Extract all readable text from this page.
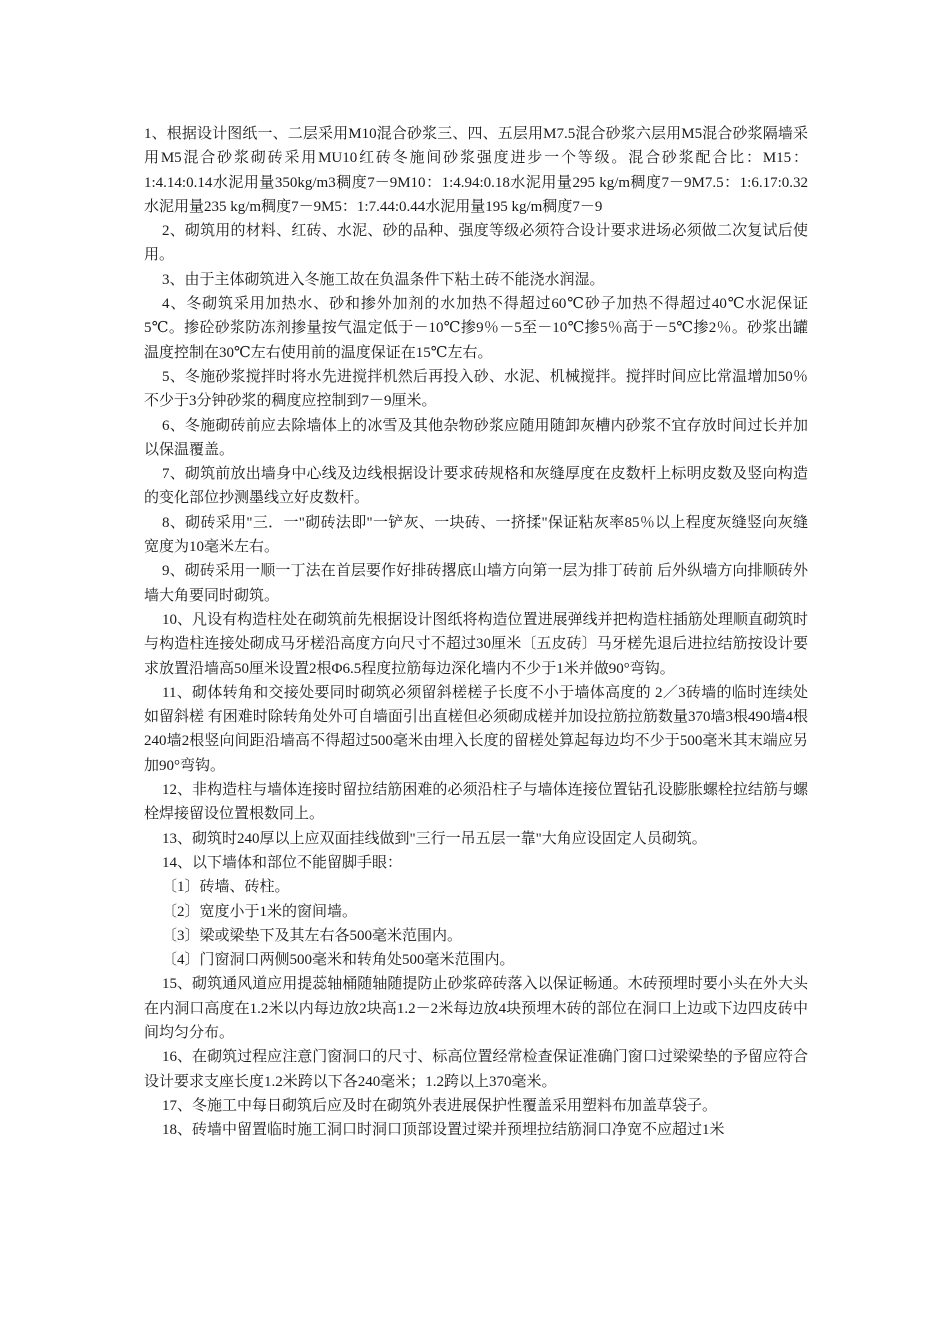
1、根据设计图纸一、二层采用M10混合砂浆三、四、五层用M7.5混合砂浆六层用M5混合砂浆隔墙采用M5混合砂浆砌砖采用MU10红砖冬施间砂浆强度进步一个等级。混合砂浆配合比：M15：1:4.14:0.14水泥用量350kg/m3稠度7－9M10：1:4.94:0.18水泥用量295 kg/m稠度7－9M7.5：1:6.17:0.32水泥用量235 kg/m稠度7－9M5：1:7.44:0.44水泥用量195 kg/m稠度7－9

2、砌筑用的材料、红砖、水泥、砂的品种、强度等级必须符合设计要求进场必须做二次复试后使用。

3、由于主体砌筑进入冬施工故在负温条件下粘土砖不能浇水润湿。

4、冬砌筑采用加热水、砂和掺外加剂的水加热不得超过60℃砂子加热不得超过40℃水泥保证5℃。掺砼砂浆防冻剂掺量按气温定低于－10℃掺9％－5至－10℃掺5％高于－5℃掺2％。砂浆出罐温度控制在30℃左右使用前的温度保证在15℃左右。

5、冬施砂浆搅拌时将水先进搅拌机然后再投入砂、水泥、机械搅拌。搅拌时间应比常温增加50％不少于3分钟砂浆的稠度应控制到7－9厘米。

6、冬施砌砖前应去除墙体上的冰雪及其他杂物砂浆应随用随卸灰槽内砂浆不宜存放时间过长并加以保温覆盖。

7、砌筑前放出墙身中心线及边线根据设计要求砖规格和灰缝厚度在皮数杆上标明皮数及竖向构造的变化部位抄测墨线立好皮数杆。

8、砌砖采用"三．一"砌砖法即"一铲灰、一块砖、一挤揉"保证粘灰率85％以上程度灰缝竖向灰缝宽度为10毫米左右。

9、砌砖采用一顺一丁法在首层要作好排砖撂底山墙方向第一层为排丁砖前 后外纵墙方向排顺砖外墙大角要同时砌筑。

10、凡设有构造柱处在砌筑前先根据设计图纸将构造位置进展弹线并把构造柱插筋处理顺直砌筑时与构造柱连接处砌成马牙槎沿高度方向尺寸不超过30厘米〔五皮砖〕马牙槎先退后进拉结筋按设计要求放置沿墙高50厘米设置2根Φ6.5程度拉筋每边深化墙内不少于1米并做90°弯钩。

11、砌体转角和交接处要同时砌筑必须留斜槎槎子长度不小于墙体高度的 2／3砖墙的临时连续处如留斜槎 有困难时除转角处外可自墙面引出直槎但必须砌成槎并加设拉筋拉筋数量370墙3根490墙4根240墙2根竖向间距沿墙高不得超过500毫米由埋入长度的留槎处算起每边均不少于500毫米其末端应另加90°弯钩。

12、非构造柱与墙体连接时留拉结筋困难的必须沿柱子与墙体连接位置钻孔设膨胀螺栓拉结筋与螺栓焊接留设位置根数同上。

13、砌筑时240厚以上应双面挂线做到"三行一吊五层一靠"大角应设固定人员砌筑。

14、以下墙体和部位不能留脚手眼：

〔1〕砖墙、砖柱。

〔2〕宽度小于1米的窗间墙。

〔3〕梁或梁垫下及其左右各500毫米范围内。

〔4〕门窗洞口两侧500毫米和转角处500毫米范围内。

15、砌筑通风道应用提蕊轴桶随轴随提防止砂浆碎砖落入以保证畅通。木砖预埋时要小头在外大头在内洞口高度在1.2米以内每边放2块高1.2－2米每边放4块预埋木砖的部位在洞口上边或下边四皮砖中间均匀分布。

16、在砌筑过程应注意门窗洞口的尺寸、标高位置经常检查保证准确门窗口过梁梁垫的予留应符合设计要求支座长度1.2米跨以下各240毫米；1.2跨以上370毫米。

17、冬施工中每日砌筑后应及时在砌筑外表进展保护性覆盖采用塑料布加盖草袋子。

18、砖墙中留置临时施工洞口时洞口顶部设置过梁并预埋拉结筋洞口净宽不应超过1米
